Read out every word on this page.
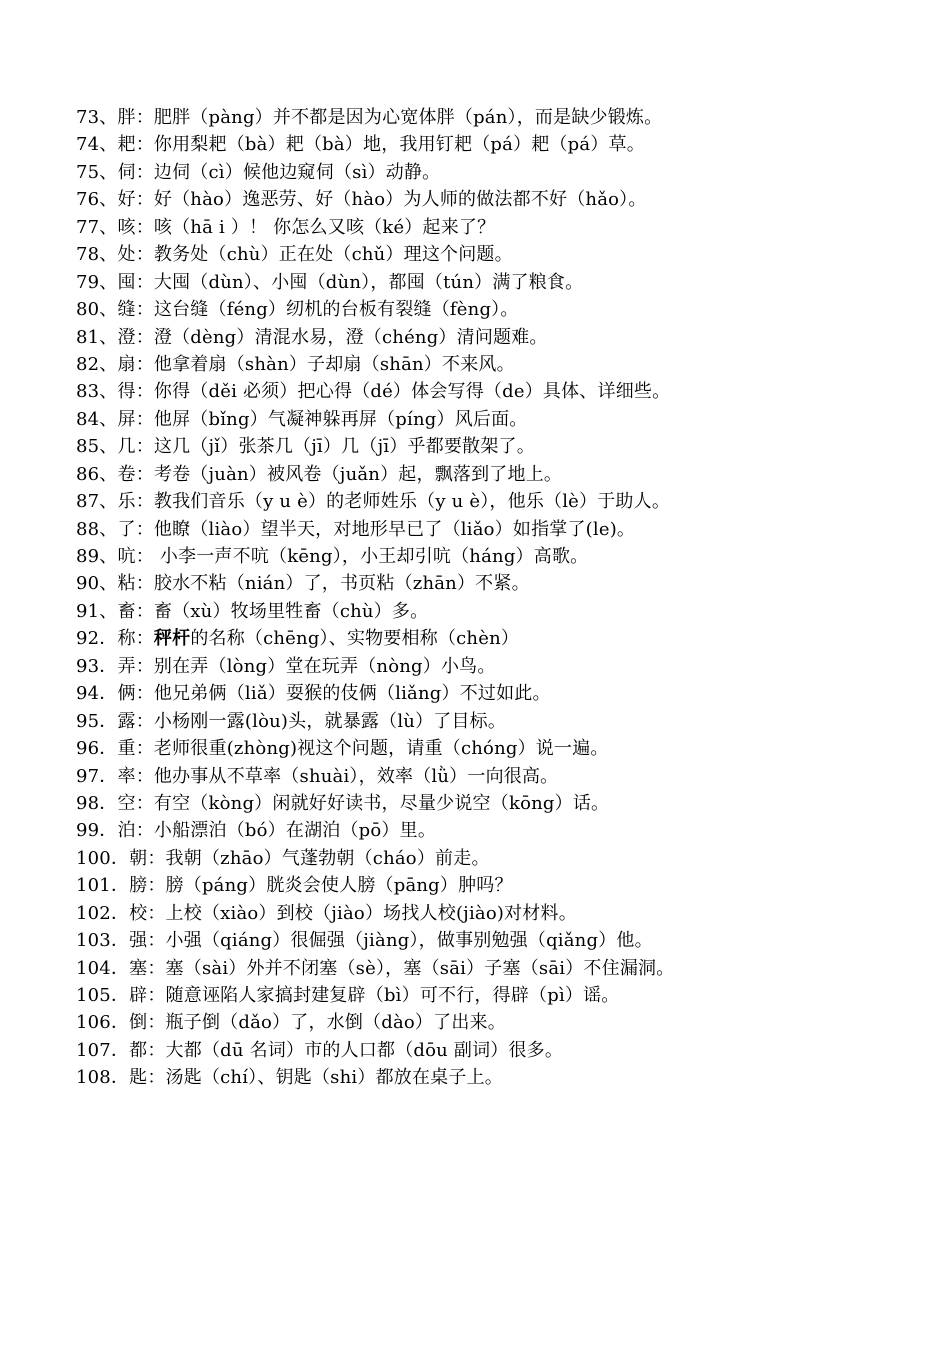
73、胖：肥胖（pàng）并不都是因为心宽体胖（pán），而是缺少锻炼。
74、耙：你用梨耙（bà）耙（bà）地，我用钉耙（pá）耙（pá）草。
75、伺：边伺（cì）候他边窥伺（sì）动静。
76、好：好（hào）逸恶劳、好（hào）为人师的做法都不好（hǎo）。
77、咳：咳（hā i ）！ 你怎么又咳（ké）起来了？
78、处：教务处（chù）正在处（chǔ）理这个问题。
79、囤：大囤（dùn）、小囤（dùn），都囤（tún）满了粮食。
80、缝：这台缝（féng）纫机的台板有裂缝（fèng）。
81、澄：澄（dèng）清混水易，澄（chéng）清问题难。
82、扇：他拿着扇（shàn）子却扇（shān）不来风。
83、得：你得（děi 必须）把心得（dé）体会写得（de）具体、详细些。
84、屏：他屏（bǐng）气凝神躲再屏（píng）风后面。
85、几：这几（jǐ）张茶几（jī）几（jī）乎都要散架了。
86、卷：考卷（juàn）被风卷（juǎn）起，飘落到了地上。
87、乐：教我们音乐（y u è）的老师姓乐（y u è），他乐（lè）于助人。
88、了：他瞭（liào）望半天，对地形早已了（liǎo）如指掌了(le)。
89、吭： 小李一声不吭（kēng），小王却引吭（háng）高歌。
90、粘：胶水不粘（nián）了，书页粘（zhān）不紧。
91、畜：畜（xù）牧场里牲畜（chù）多。
92．称：秤杆的名称（chēng）、实物要相称（chèn）
93．弄：别在弄（lòng）堂在玩弄（nòng）小鸟。
94．俩：他兄弟俩（liǎ）耍猴的伎俩（liǎng）不过如此。
95．露：小杨刚一露(lòu)头，就暴露（lù）了目标。
96．重：老师很重(zhòng)视这个问题，请重（chóng）说一遍。
97．率：他办事从不草率（shuài），效率（lǜ）一向很高。
98．空：有空（kòng）闲就好好读书，尽量少说空（kōng）话。
99．泊：小船漂泊（bó）在湖泊（pō）里。
100．朝：我朝（zhāo）气蓬勃朝（cháo）前走。
101．膀：膀（páng）胱炎会使人膀（pāng）肿吗？
102．校：上校（xiào）到校（jiào）场找人校(jiào)对材料。
103．强：小强（qiáng）很倔强（jiàng），做事别勉强（qiǎng）他。
104．塞：塞（sài）外并不闭塞（sè），塞（sāi）子塞（sāi）不住漏洞。
105．辟：随意诬陷人家搞封建复辟（bì）可不行，得辟（pì）谣。
106．倒：瓶子倒（dǎo）了，水倒（dào）了出来。
107．都：大都（dū 名词）市的人口都（dōu 副词）很多。
108．匙：汤匙（chí）、钥匙（shi）都放在桌子上。
